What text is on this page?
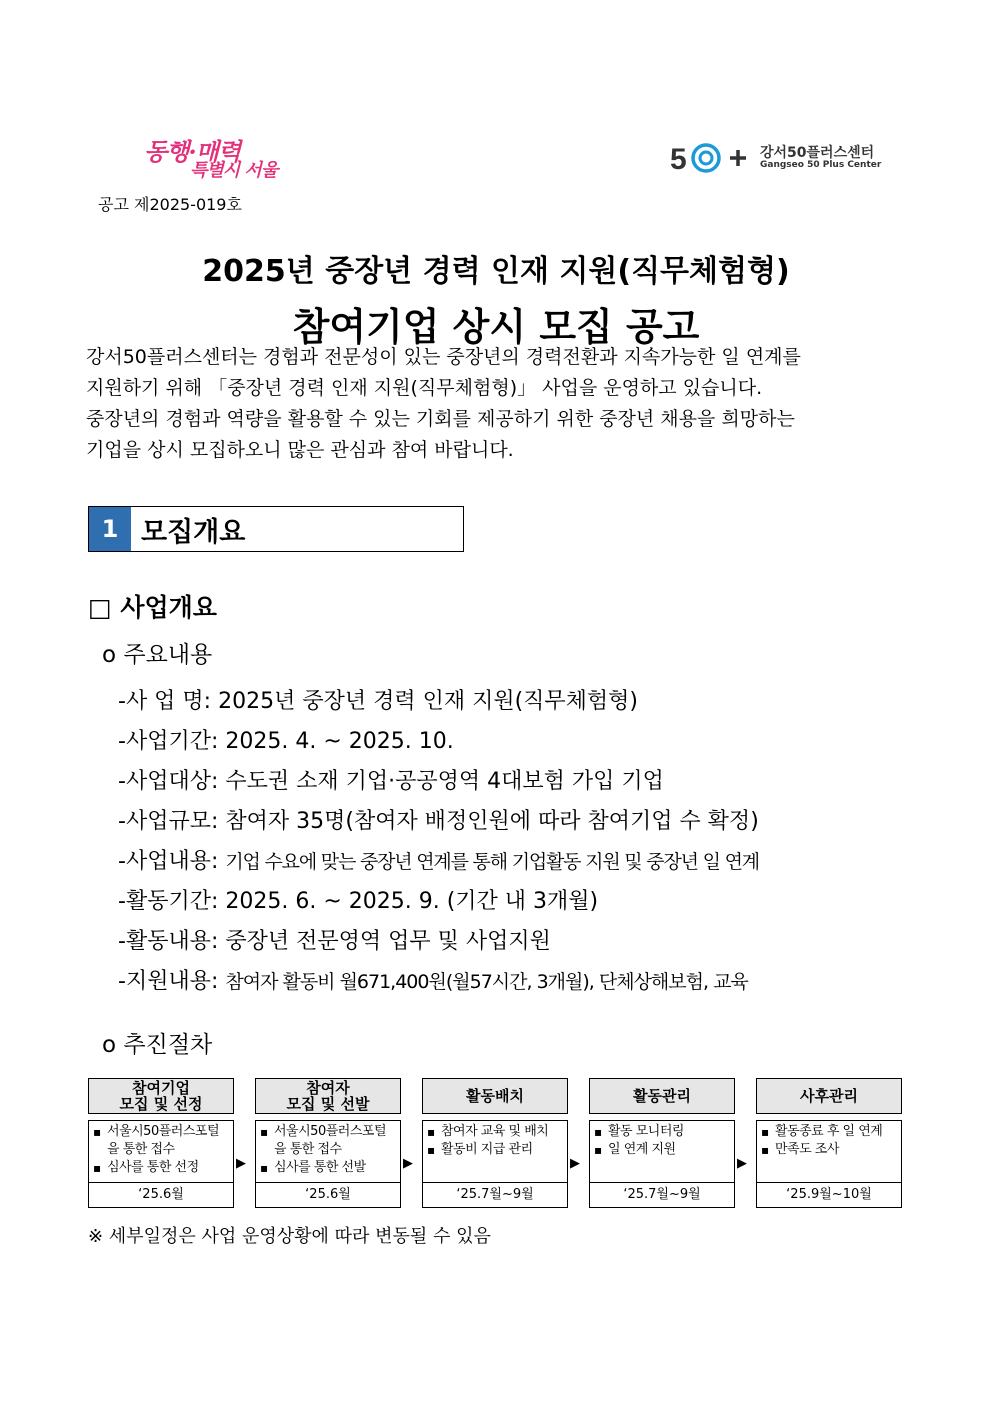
동행·매력
특별시 서울	5	강서50플러스센터
Gangseo 50 Plus Center
공고 제2025-019호
2025년 중장년 경력 인재 지원(직무체험형)
참여기업 상시 모집 공고

강서50플러스센터는 경험과 전문성이 있는 중장년의 경력전환과 지속가능한 일 연계를

지원하기 위해 「중장년 경력 인재 지원(직무체험형)」 사업을 운영하고 있습니다.

중장년의 경험과 역량을 활용할 수 있는 기회를 제공하기 위한 중장년 채용을 희망하는

기업을 상시 모집하오니 많은 관심과 참여 바랍니다.

1 모집개요
□ 사업개요
o 주요내용
-사 업 명: 2025년 중장년 경력 인재 지원(직무체험형)
-사업기간: 2025. 4. ~ 2025. 10.
-사업대상: 수도권 소재 기업·공공영역 4대보험 가입 기업
-사업규모: 참여자 35명(참여자 배정인원에 따라 참여기업 수 확정)
-사업내용: 기업 수요에 맞는 중장년 연계를 통해 기업활동 지원 및 중장년 일 연계
-활동기간: 2025. 6. ~ 2025. 9. (기간 내 3개월)
-활동내용: 중장년 전문영역 업무 및 사업지원
-지원내용: 참여자 활동비 월671,400원(월57시간, 3개월), 단체상해보험, 교육
o 추진절차
참여기업
모집 및 선정
▪ 서울시50플러스포털을 통한 접수
▪ 심사를 통한 선정
‘25.6월
▶
참여자
모집 및 선발
▪ 서울시50플러스포털을 통한 접수
▪ 심사를 통한 선발
‘25.6월
▶
활동배치
▪ 참여자 교육 및 배치
▪ 활동비 지급 관리
‘25.7월~9월
▶
활동관리
▪ 활동 모니터링
▪ 일 연계 지원
‘25.7월~9월
▶
사후관리
▪ 활동종료 후 일 연계
▪ 만족도 조사
‘25.9월~10월
※ 세부일정은 사업 운영상황에 따라 변동될 수 있음
